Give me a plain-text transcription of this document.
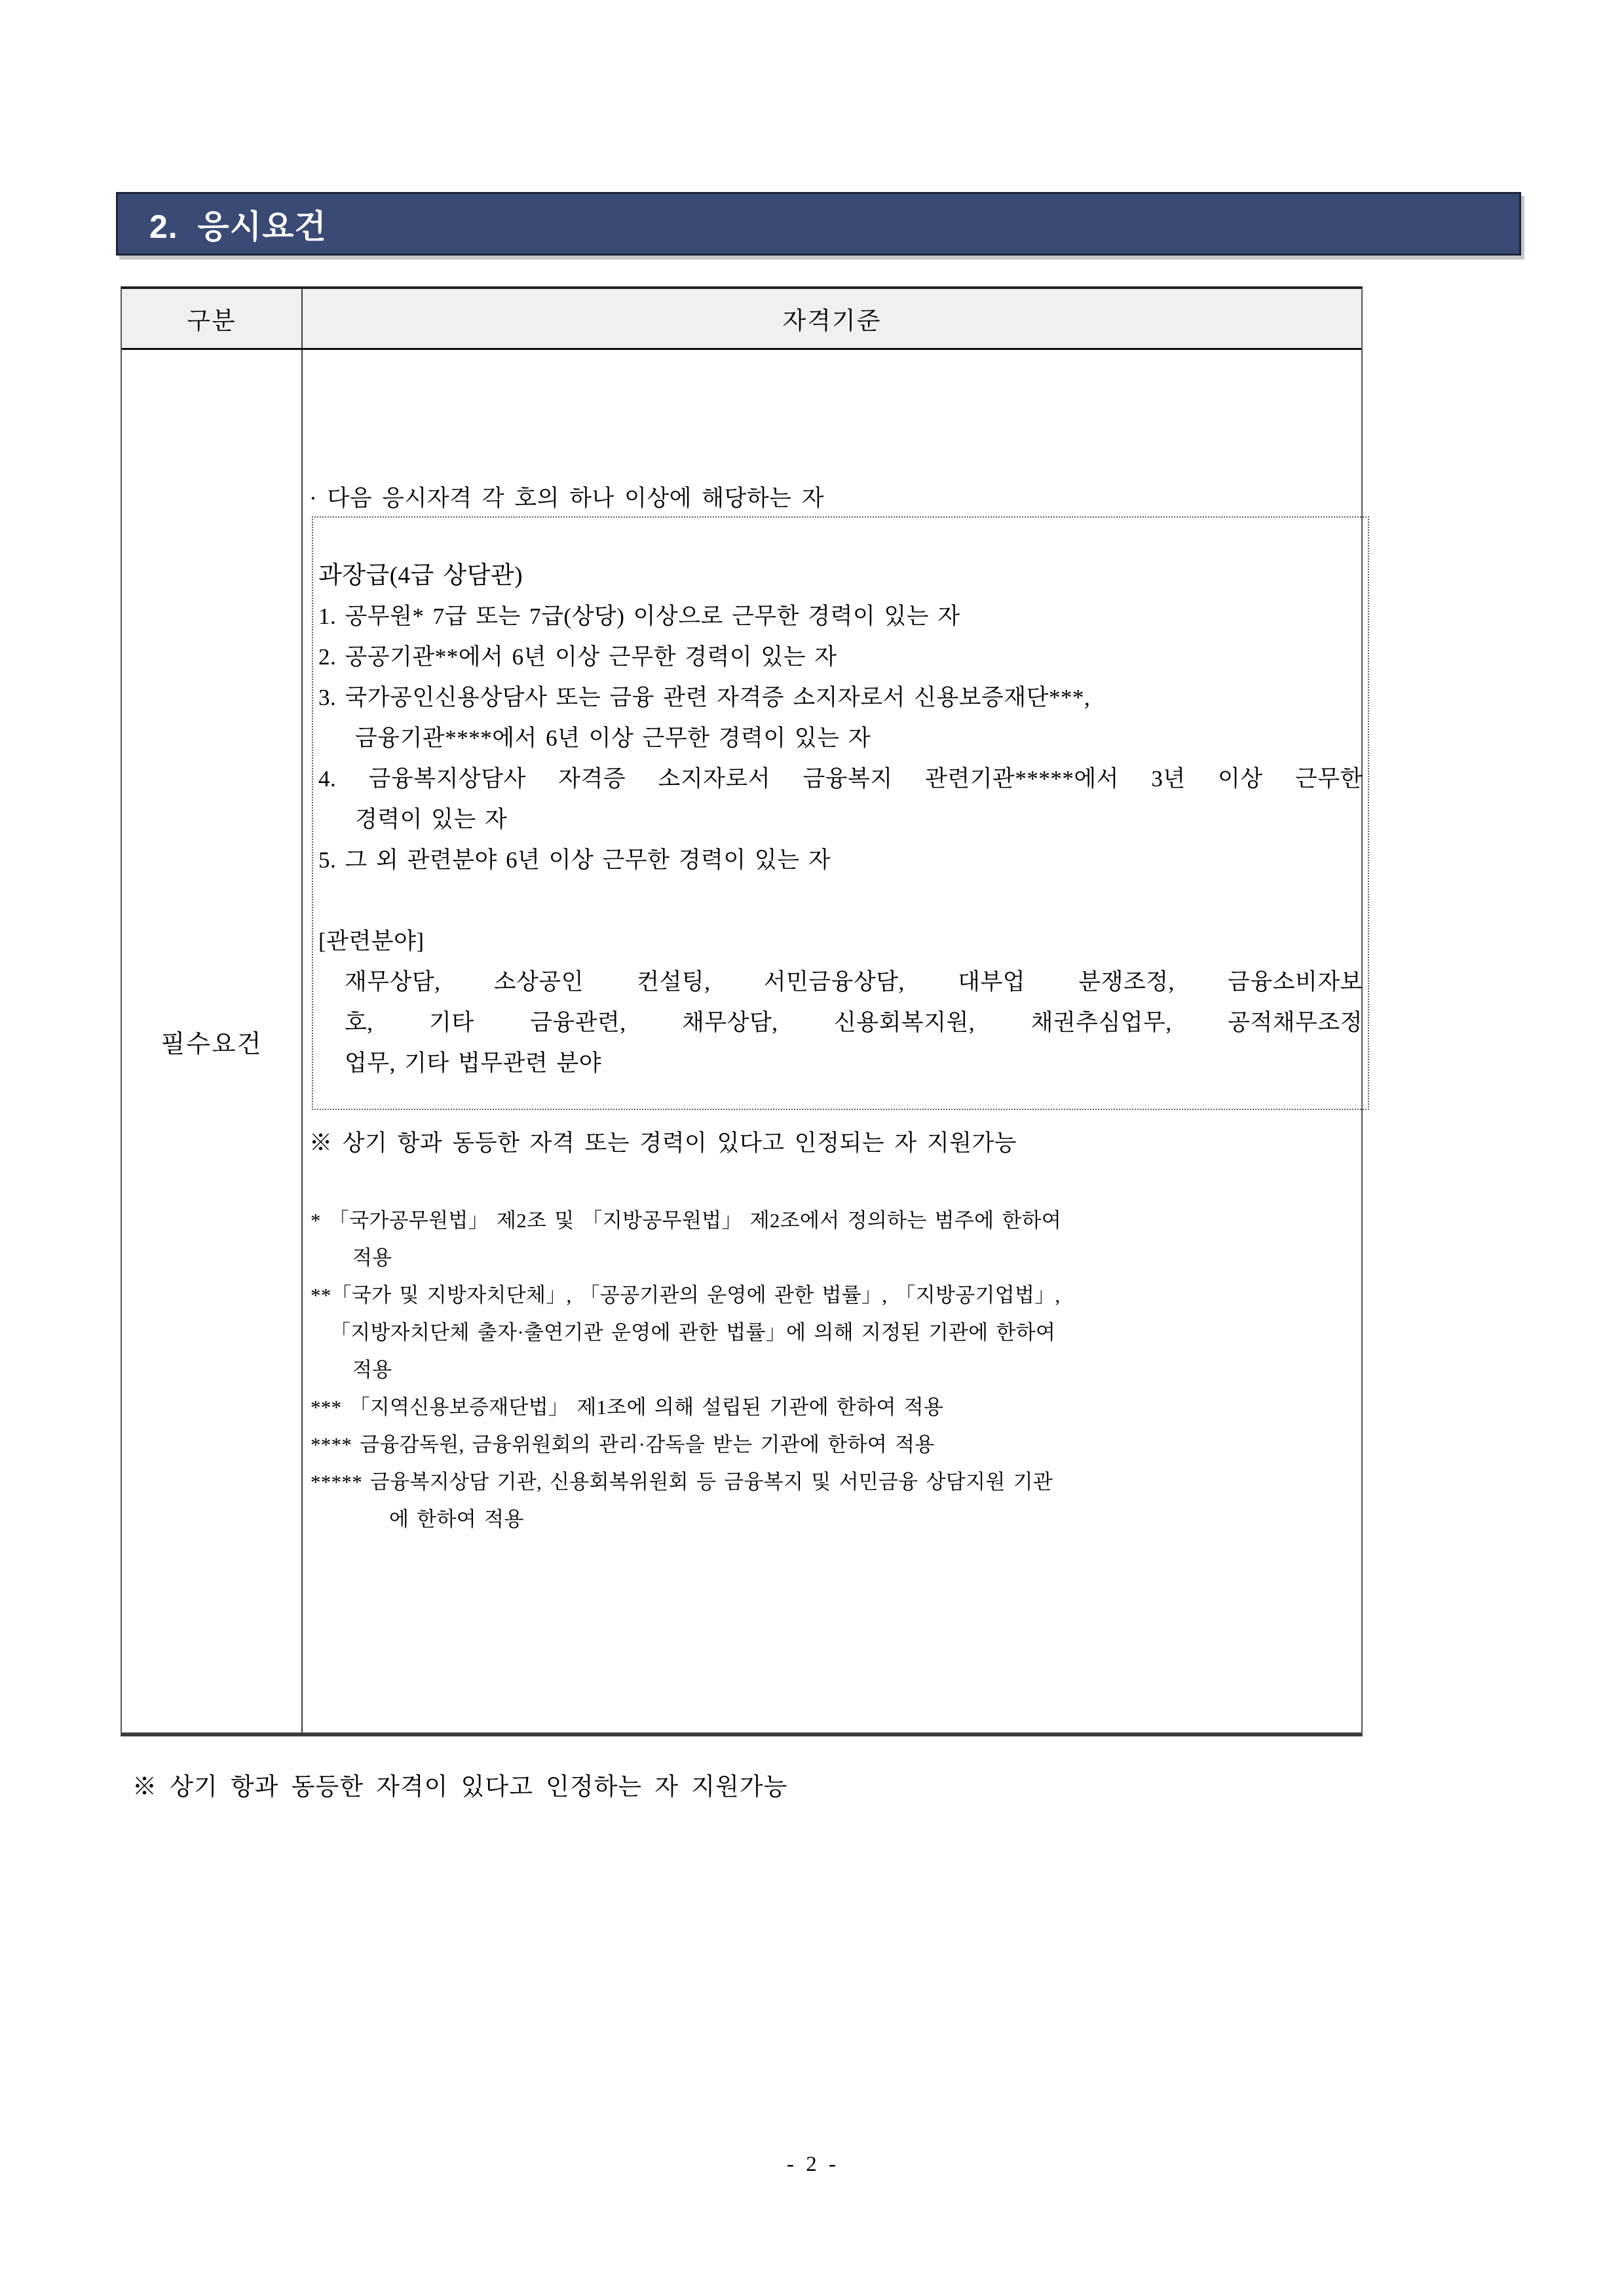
2.  응시요건
구분	자격기준
필수요건
· 다음 응시자격 각 호의 하나 이상에 해당하는 자
과장급(4급 상담관)
1. 공무원* 7급 또는 7급(상당) 이상으로 근무한 경력이 있는 자
2. 공공기관**에서 6년 이상 근무한 경력이 있는 자
3. 국가공인신용상담사 또는 금융 관련 자격증 소지자로서 신용보증재단***,
금융기관****에서 6년 이상 근무한 경력이 있는 자
4. 금융복지상담사 자격증 소지자로서 금융복지 관련기관*****에서 3년 이상 근무한
경력이 있는 자
5. 그 외 관련분야 6년 이상 근무한 경력이 있는 자
[관련분야]
재무상담, 소상공인 컨설팅, 서민금융상담, 대부업 분쟁조정, 금융소비자보
호, 기타 금융관련, 채무상담, 신용회복지원, 채권추심업무, 공적채무조정
업무, 기타 법무관련 분야
※ 상기 항과 동등한 자격 또는 경력이 있다고 인정되는 자 지원가능
* 「국가공무원법」 제2조 및 「지방공무원법」 제2조에서 정의하는 범주에 한하여
적용
**「국가 및 지방자치단체」, 「공공기관의 운영에 관한 법률」, 「지방공기업법」,
「지방자치단체 출자·출연기관 운영에 관한 법률」에 의해 지정된 기관에 한하여
적용
*** 「지역신용보증재단법」 제1조에 의해 설립된 기관에 한하여 적용
**** 금융감독원, 금융위원회의 관리·감독을 받는 기관에 한하여 적용
***** 금융복지상담 기관, 신용회복위원회 등 금융복지 및 서민금융 상담지원 기관
에 한하여 적용
※ 상기 항과 동등한 자격이 있다고 인정하는 자 지원가능
- 2 -
